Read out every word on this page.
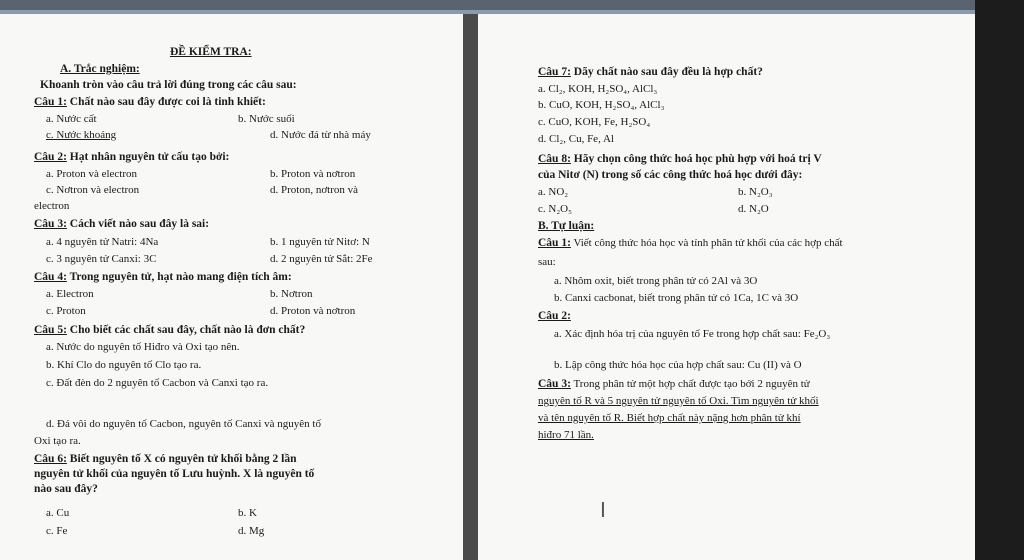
ĐỀ KIỂM TRA:
A. Trắc nghiệm:
Khoanh tròn vào câu trả lời đúng trong các câu sau:
Câu 1: Chất nào sau đây được coi là tinh khiết:
a. Nước cất	b. Nước suối
c. Nước khoáng	d. Nước đá từ nhà máy
Câu 2: Hạt nhân nguyên tử cấu tạo bởi:
a. Proton và electron	b. Proton và nơtron
c. Nơtron và electron	d. Proton, nơtron và
electron
Câu 3: Cách viết nào sau đây là sai:
a. 4 nguyên tử Natri: 4Na	b. 1 nguyên tử Nitơ: N
c. 3 nguyên tử Canxi: 3C	d. 2 nguyên tử Sắt: 2Fe
Câu 4: Trong nguyên tử, hạt nào mang điện tích âm:
a. Electron	b. Nơtron
c. Proton	d. Proton và nơtron
Câu 5: Cho biết các chất sau đây, chất nào là đơn chất?
a. Nước do nguyên tố Hiđro và Oxi tạo nên.
b. Khí Clo do nguyên tố Clo tạo ra.
c. Đất đèn do 2 nguyên tố Cacbon và Canxi tạo ra.
d. Đá vôi do nguyên tố Cacbon, nguyên tố Canxi và nguyên tố
Oxi tạo ra.
Câu 6: Biết nguyên tố X có nguyên tử khối bằng 2 lần
nguyên tử khối của nguyên tố Lưu huỳnh. X là nguyên tố
nào sau đây?
a. Cu	b. K
c. Fe	d. Mg
Câu 7: Dãy chất nào sau đây đều là hợp chất?
a. Cl₂, KOH, H₂SO₄, AlCl₃
b. CuO, KOH, H₂SO₄, AlCl₃
c. CuO, KOH, Fe, H₂SO₄
d. Cl₂, Cu, Fe, Al
Câu 8: Hãy chọn công thức hoá học phù hợp với hoá trị V
của Nitơ (N) trong số các công thức hoá học dưới đây:
a. NO₂	b. N₂O₃
c. N₂O₅	d. N₂O
B. Tự luận:
Câu 1: Viết công thức hóa học và tính phân tử khối của các hợp chất
sau:
a. Nhôm oxit, biết trong phân tử có 2Al và 3O
b. Canxi cacbonat, biết trong phân tử có 1Ca, 1C và 3O
Câu 2:
a. Xác định hóa trị của nguyên tố Fe trong hợp chất sau: Fe₂O₃
b. Lập công thức hóa học của hợp chất sau: Cu (II) và O
Câu 3: Trong phân tử một hợp chất được tạo bởi 2 nguyên tử
nguyên tố R và 5 nguyên tử nguyên tố Oxi. Tìm nguyên tử khối
và tên nguyên tố R. Biết hợp chất này nặng hơn phân tử khí
hiđro 71 lần.
I
